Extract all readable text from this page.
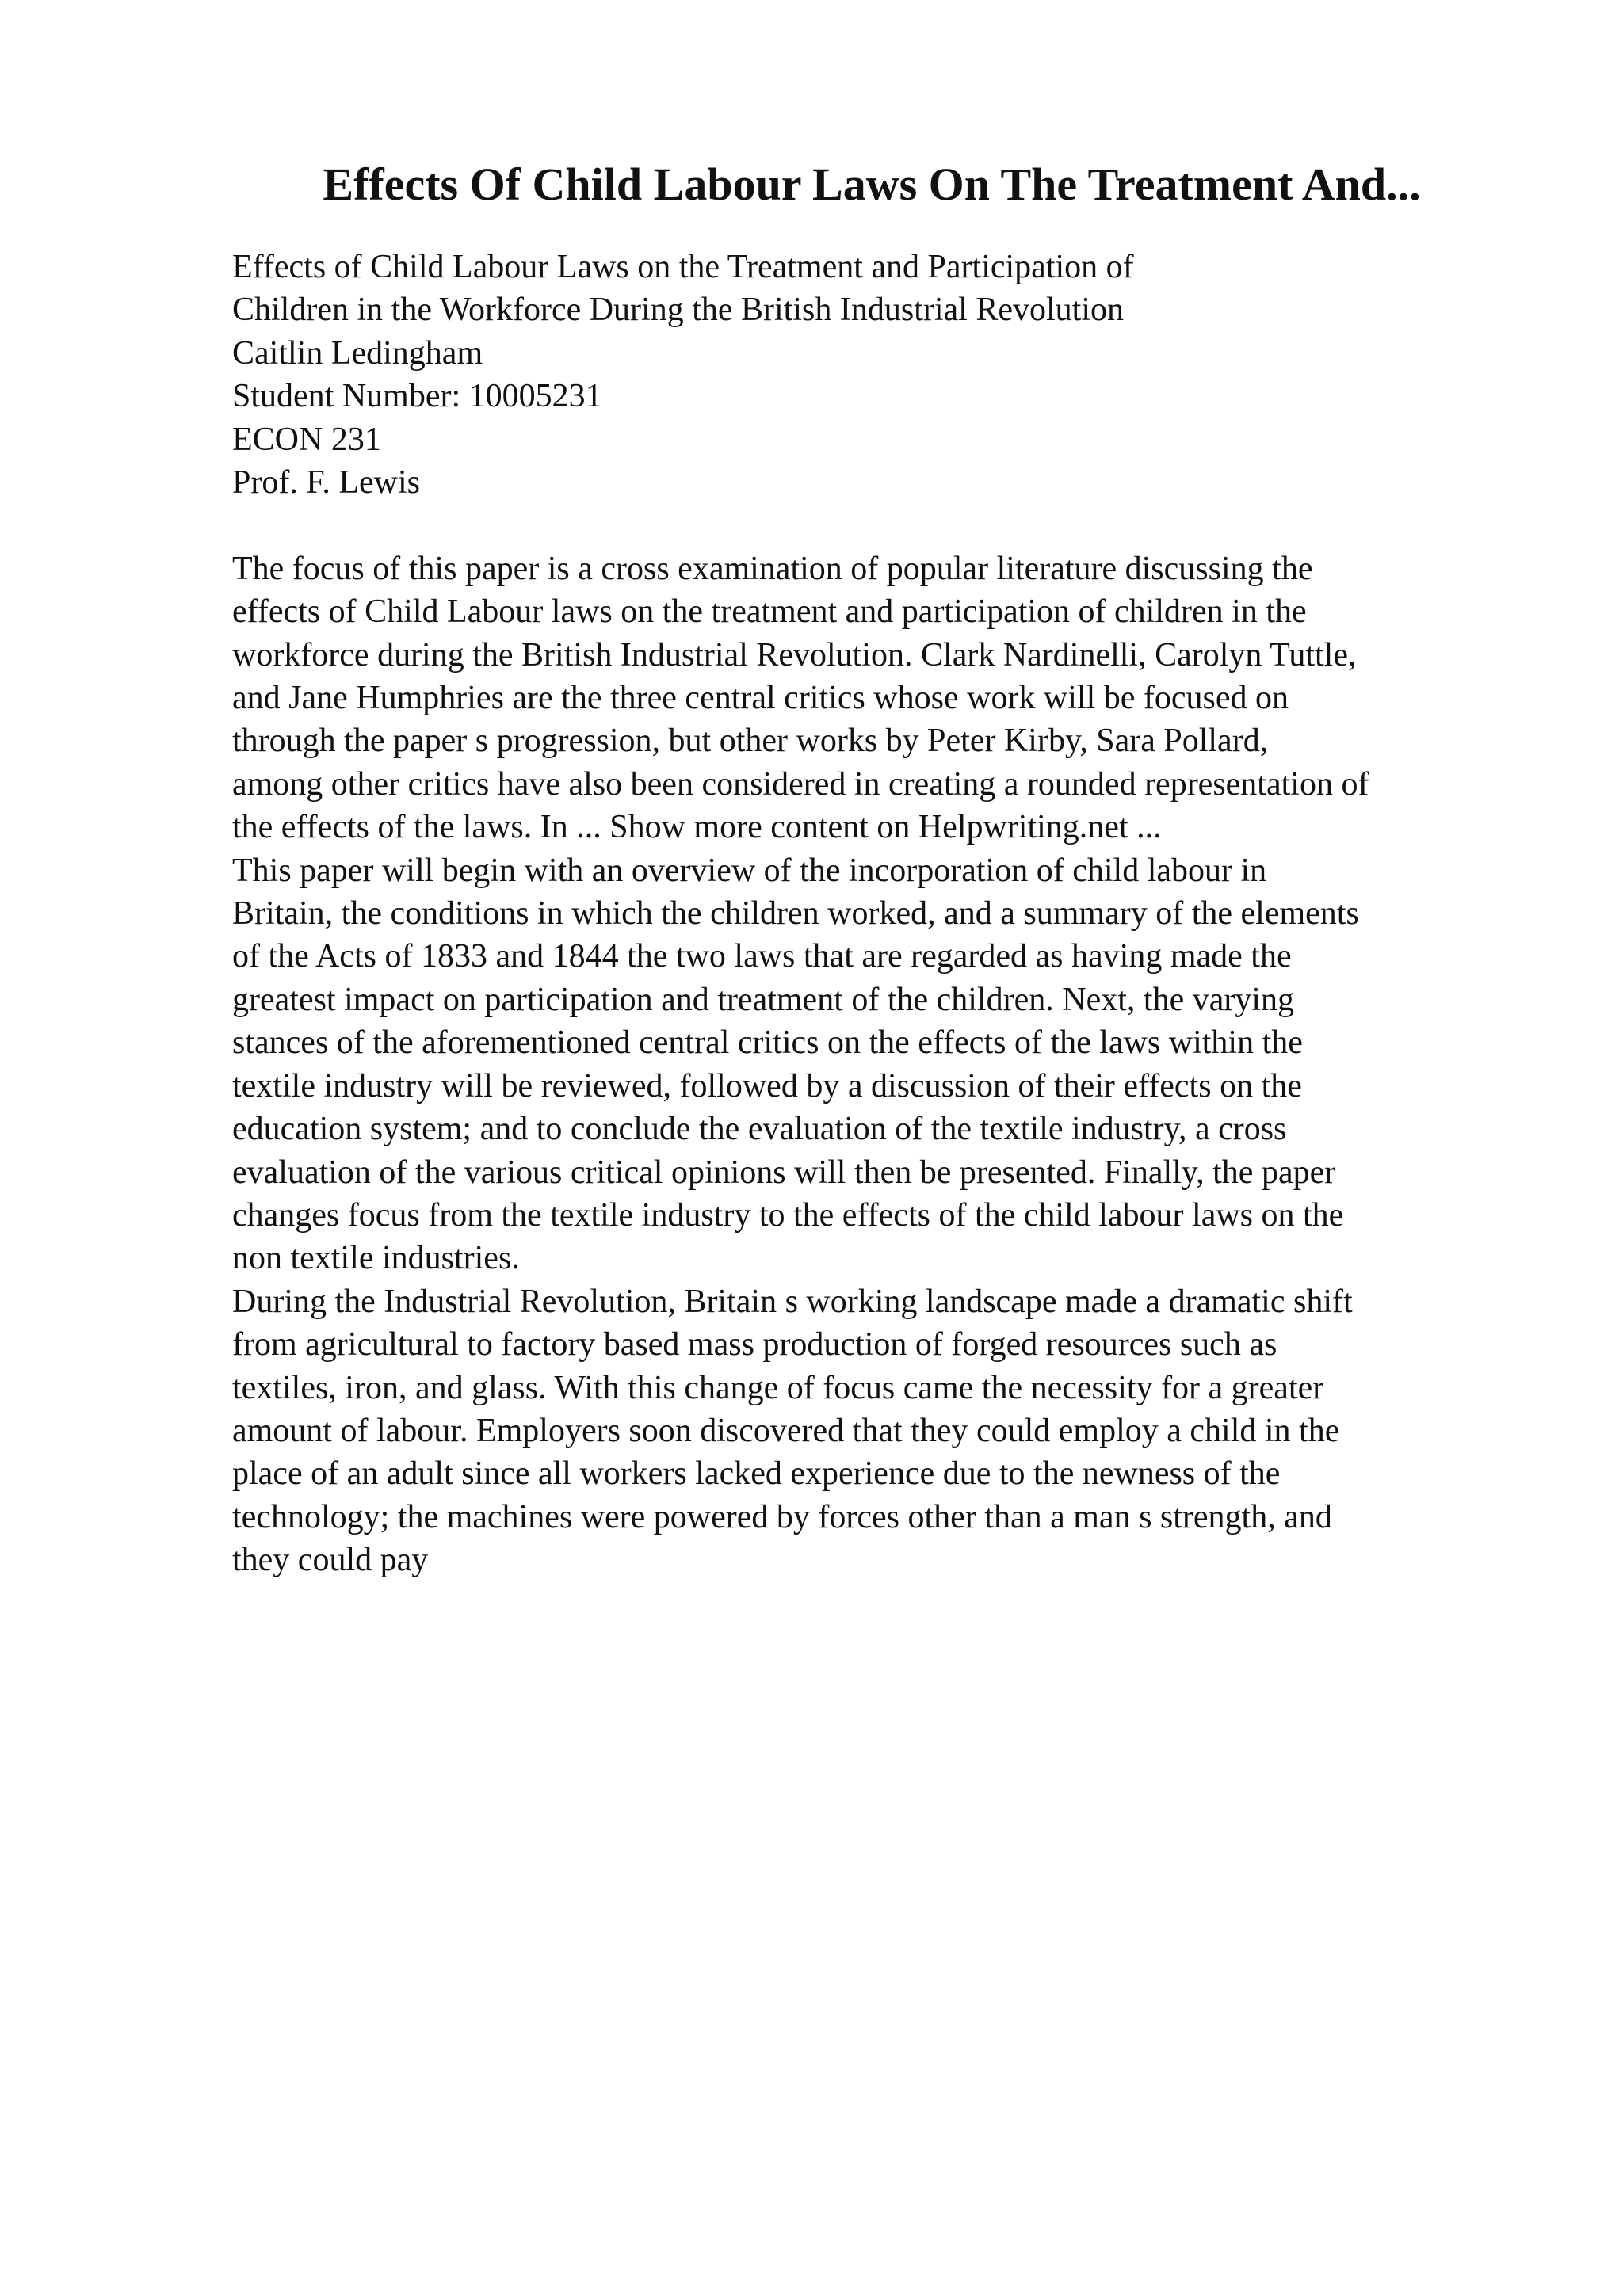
Effects Of Child Labour Laws On The Treatment And...
Effects of Child Labour Laws on the Treatment and Participation of
Children in the Workforce During the British Industrial Revolution
Caitlin Ledingham
Student Number: 10005231
ECON 231
Prof. F. Lewis
The focus of this paper is a cross examination of popular literature discussing the
effects of Child Labour laws on the treatment and participation of children in the
workforce during the British Industrial Revolution. Clark Nardinelli, Carolyn Tuttle,
and Jane Humphries are the three central critics whose work will be focused on
through the paper s progression, but other works by Peter Kirby, Sara Pollard,
among other critics have also been considered in creating a rounded representation of
the effects of the laws. In ... Show more content on Helpwriting.net ...
This paper will begin with an overview of the incorporation of child labour in
Britain, the conditions in which the children worked, and a summary of the elements
of the Acts of 1833 and 1844 the two laws that are regarded as having made the
greatest impact on participation and treatment of the children. Next, the varying
stances of the aforementioned central critics on the effects of the laws within the
textile industry will be reviewed, followed by a discussion of their effects on the
education system; and to conclude the evaluation of the textile industry, a cross
evaluation of the various critical opinions will then be presented. Finally, the paper
changes focus from the textile industry to the effects of the child labour laws on the
non textile industries.
During the Industrial Revolution, Britain s working landscape made a dramatic shift
from agricultural to factory based mass production of forged resources such as
textiles, iron, and glass. With this change of focus came the necessity for a greater
amount of labour. Employers soon discovered that they could employ a child in the
place of an adult since all workers lacked experience due to the newness of the
technology; the machines were powered by forces other than a man s strength, and
they could pay
